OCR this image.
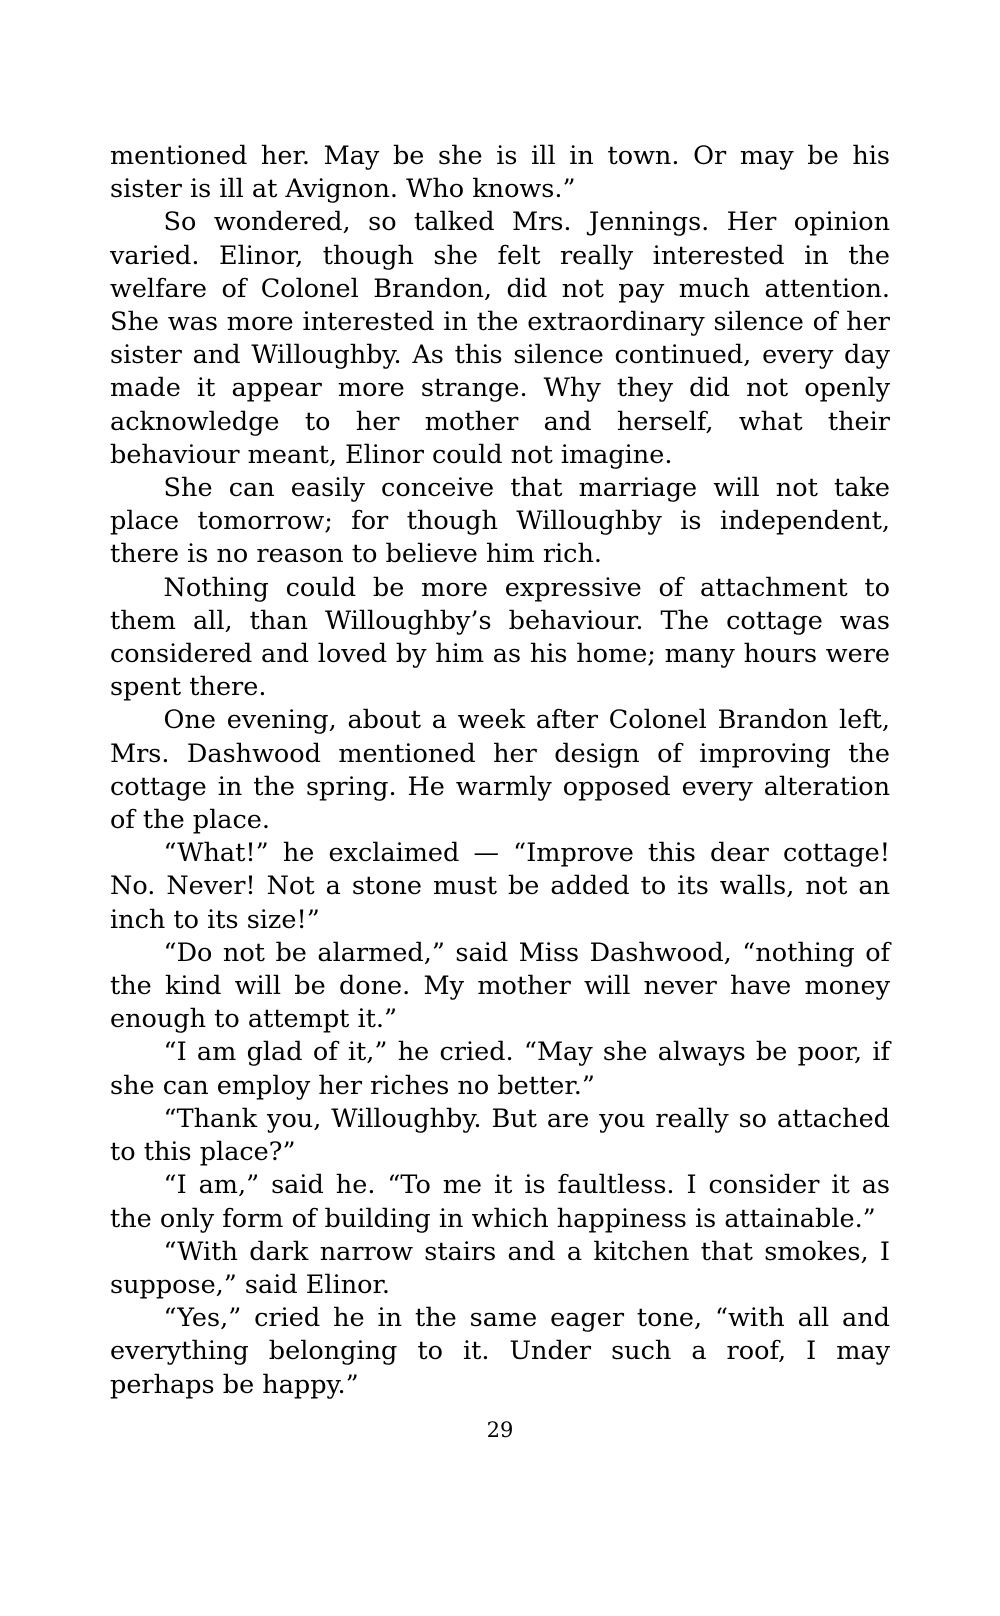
mentioned her. May be she is ill in town. Or may be his sister is ill at Avignon. Who knows.”

So wondered, so talked Mrs. Jennings. Her opinion varied. Elinor, though she felt really interested in the welfare of Colonel Brandon, did not pay much attention. She was more interested in the extraordinary silence of her sister and Willoughby. As this silence continued, every day made it appear more strange. Why they did not openly acknowledge to her mother and herself, what their behaviour meant, Elinor could not imagine.

She can easily conceive that marriage will not take place tomorrow; for though Willoughby is independent, there is no reason to believe him rich.

Nothing could be more expressive of attachment to them all, than Willoughby’s behaviour. The cottage was considered and loved by him as his home; many hours were spent there.

One evening, about a week after Colonel Brandon left, Mrs. Dashwood mentioned her design of improving the cottage in the spring. He warmly opposed every alteration of the place.

“What!” he exclaimed — “Improve this dear cottage! No. Never! Not a stone must be added to its walls, not an inch to its size!”

“Do not be alarmed,” said Miss Dashwood, “nothing of the kind will be done. My mother will never have money enough to attempt it.”

“I am glad of it,” he cried. “May she always be poor, if she can employ her riches no better.”

“Thank you, Willoughby. But are you really so attached to this place?”

“I am,” said he. “To me it is faultless. I consider it as the only form of building in which happiness is attainable.”

“With dark narrow stairs and a kitchen that smokes, I suppose,” said Elinor.

“Yes,” cried he in the same eager tone, “with all and everything belonging to it. Under such a roof, I may perhaps be happy.”

29
